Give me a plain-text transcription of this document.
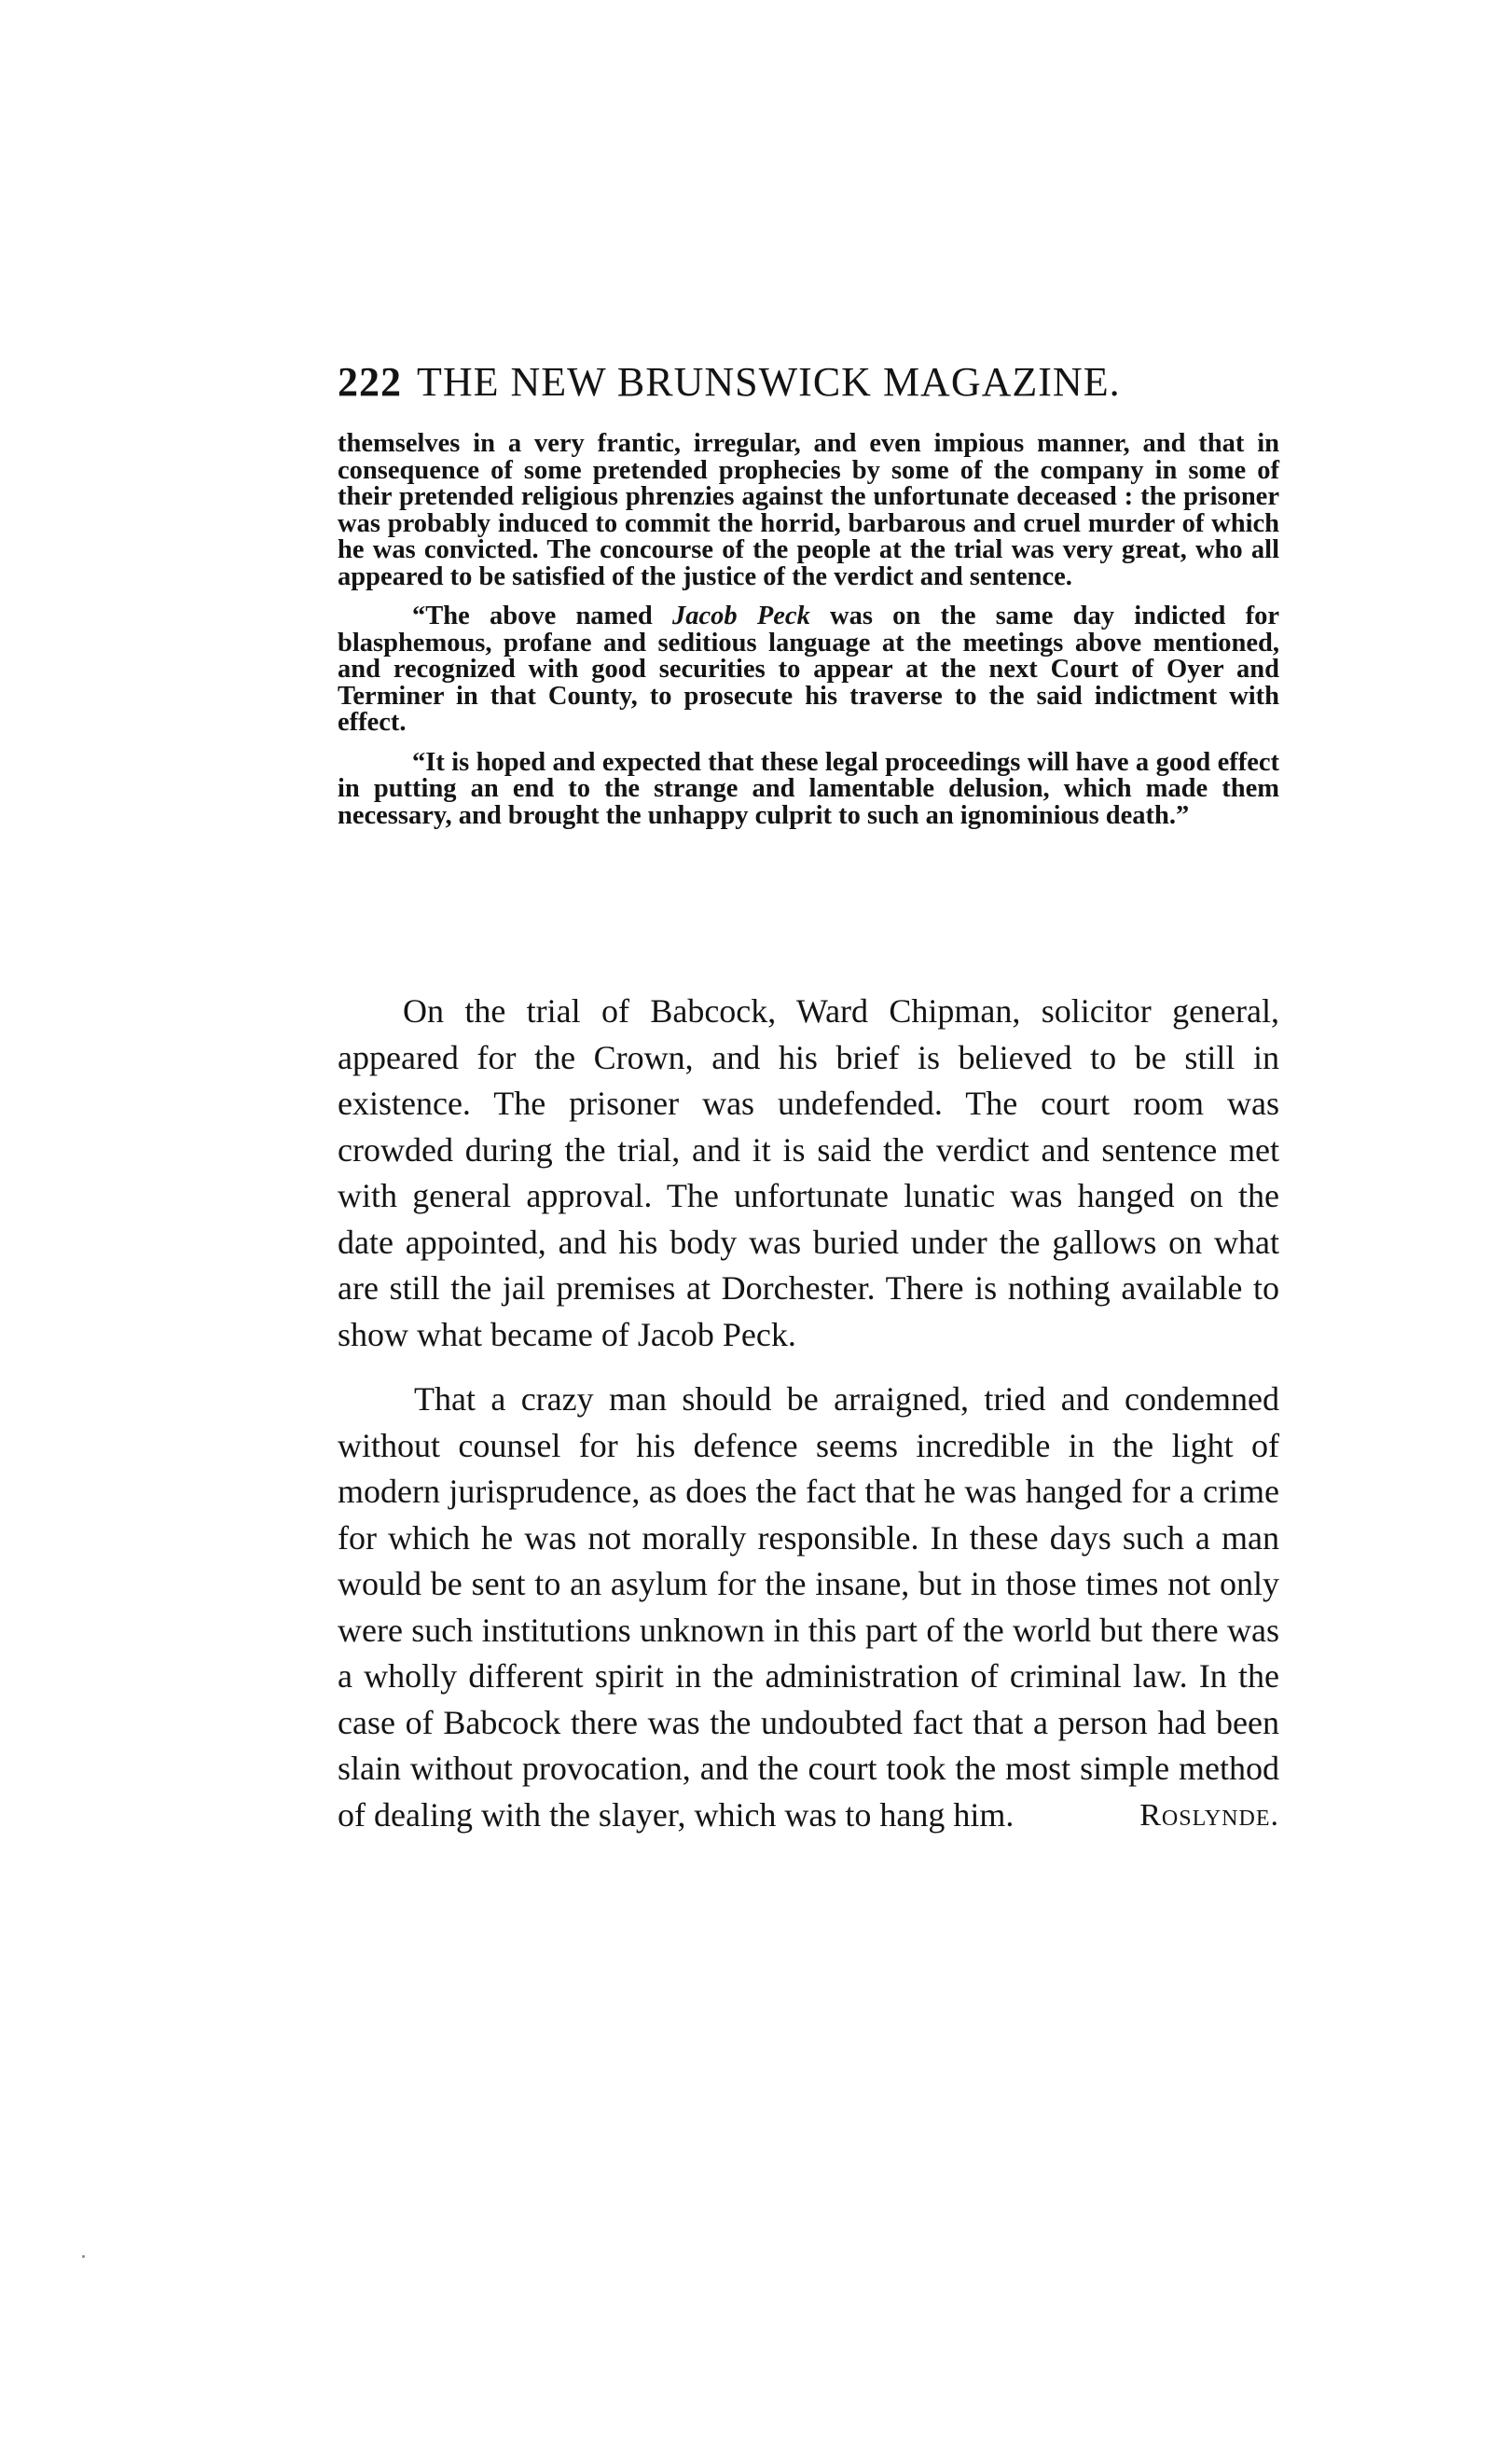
222 THE NEW BRUNSWICK MAGAZINE.

themselves in a very frantic, irregular, and even impious manner, and that in consequence of some pretended prophecies by some of the company in some of their pretended religious phrenzies against the unfortunate deceased : the prisoner was probably induced to commit the horrid, barbarous and cruel murder of which he was convicted. The concourse of the people at the trial was very great, who all appeared to be satisfied of the justice of the verdict and sentence.

“The above named Jacob Peck was on the same day indicted for blasphemous, profane and seditious language at the meetings above mentioned, and recognized with good securities to appear at the next Court of Oyer and Terminer in that County, to prosecute his traverse to the said indictment with effect.

“It is hoped and expected that these legal proceedings will have a good effect in putting an end to the strange and lamentable delusion, which made them necessary, and brought the unhappy culprit to such an ignominious death.”

On the trial of Babcock, Ward Chipman, solicitor general, appeared for the Crown, and his brief is believed to be still in existence. The prisoner was undefended. The court room was crowded during the trial, and it is said the verdict and sentence met with general approval. The unfortunate lunatic was hanged on the date appointed, and his body was buried under the gallows on what are still the jail premises at Dorchester. There is nothing available to show what became of Jacob Peck.

That a crazy man should be arraigned, tried and condemned without counsel for his defence seems incredible in the light of modern jurisprudence, as does the fact that he was hanged for a crime for which he was not morally responsible. In these days such a man would be sent to an asylum for the insane, but in those times not only were such institutions unknown in this part of the world but there was a wholly different spirit in the administration of criminal law. In the case of Babcock there was the undoubted fact that a person had been slain without provocation, and the court took the most simple method of dealing with the slayer, which was to hang him.	Roslynde.
